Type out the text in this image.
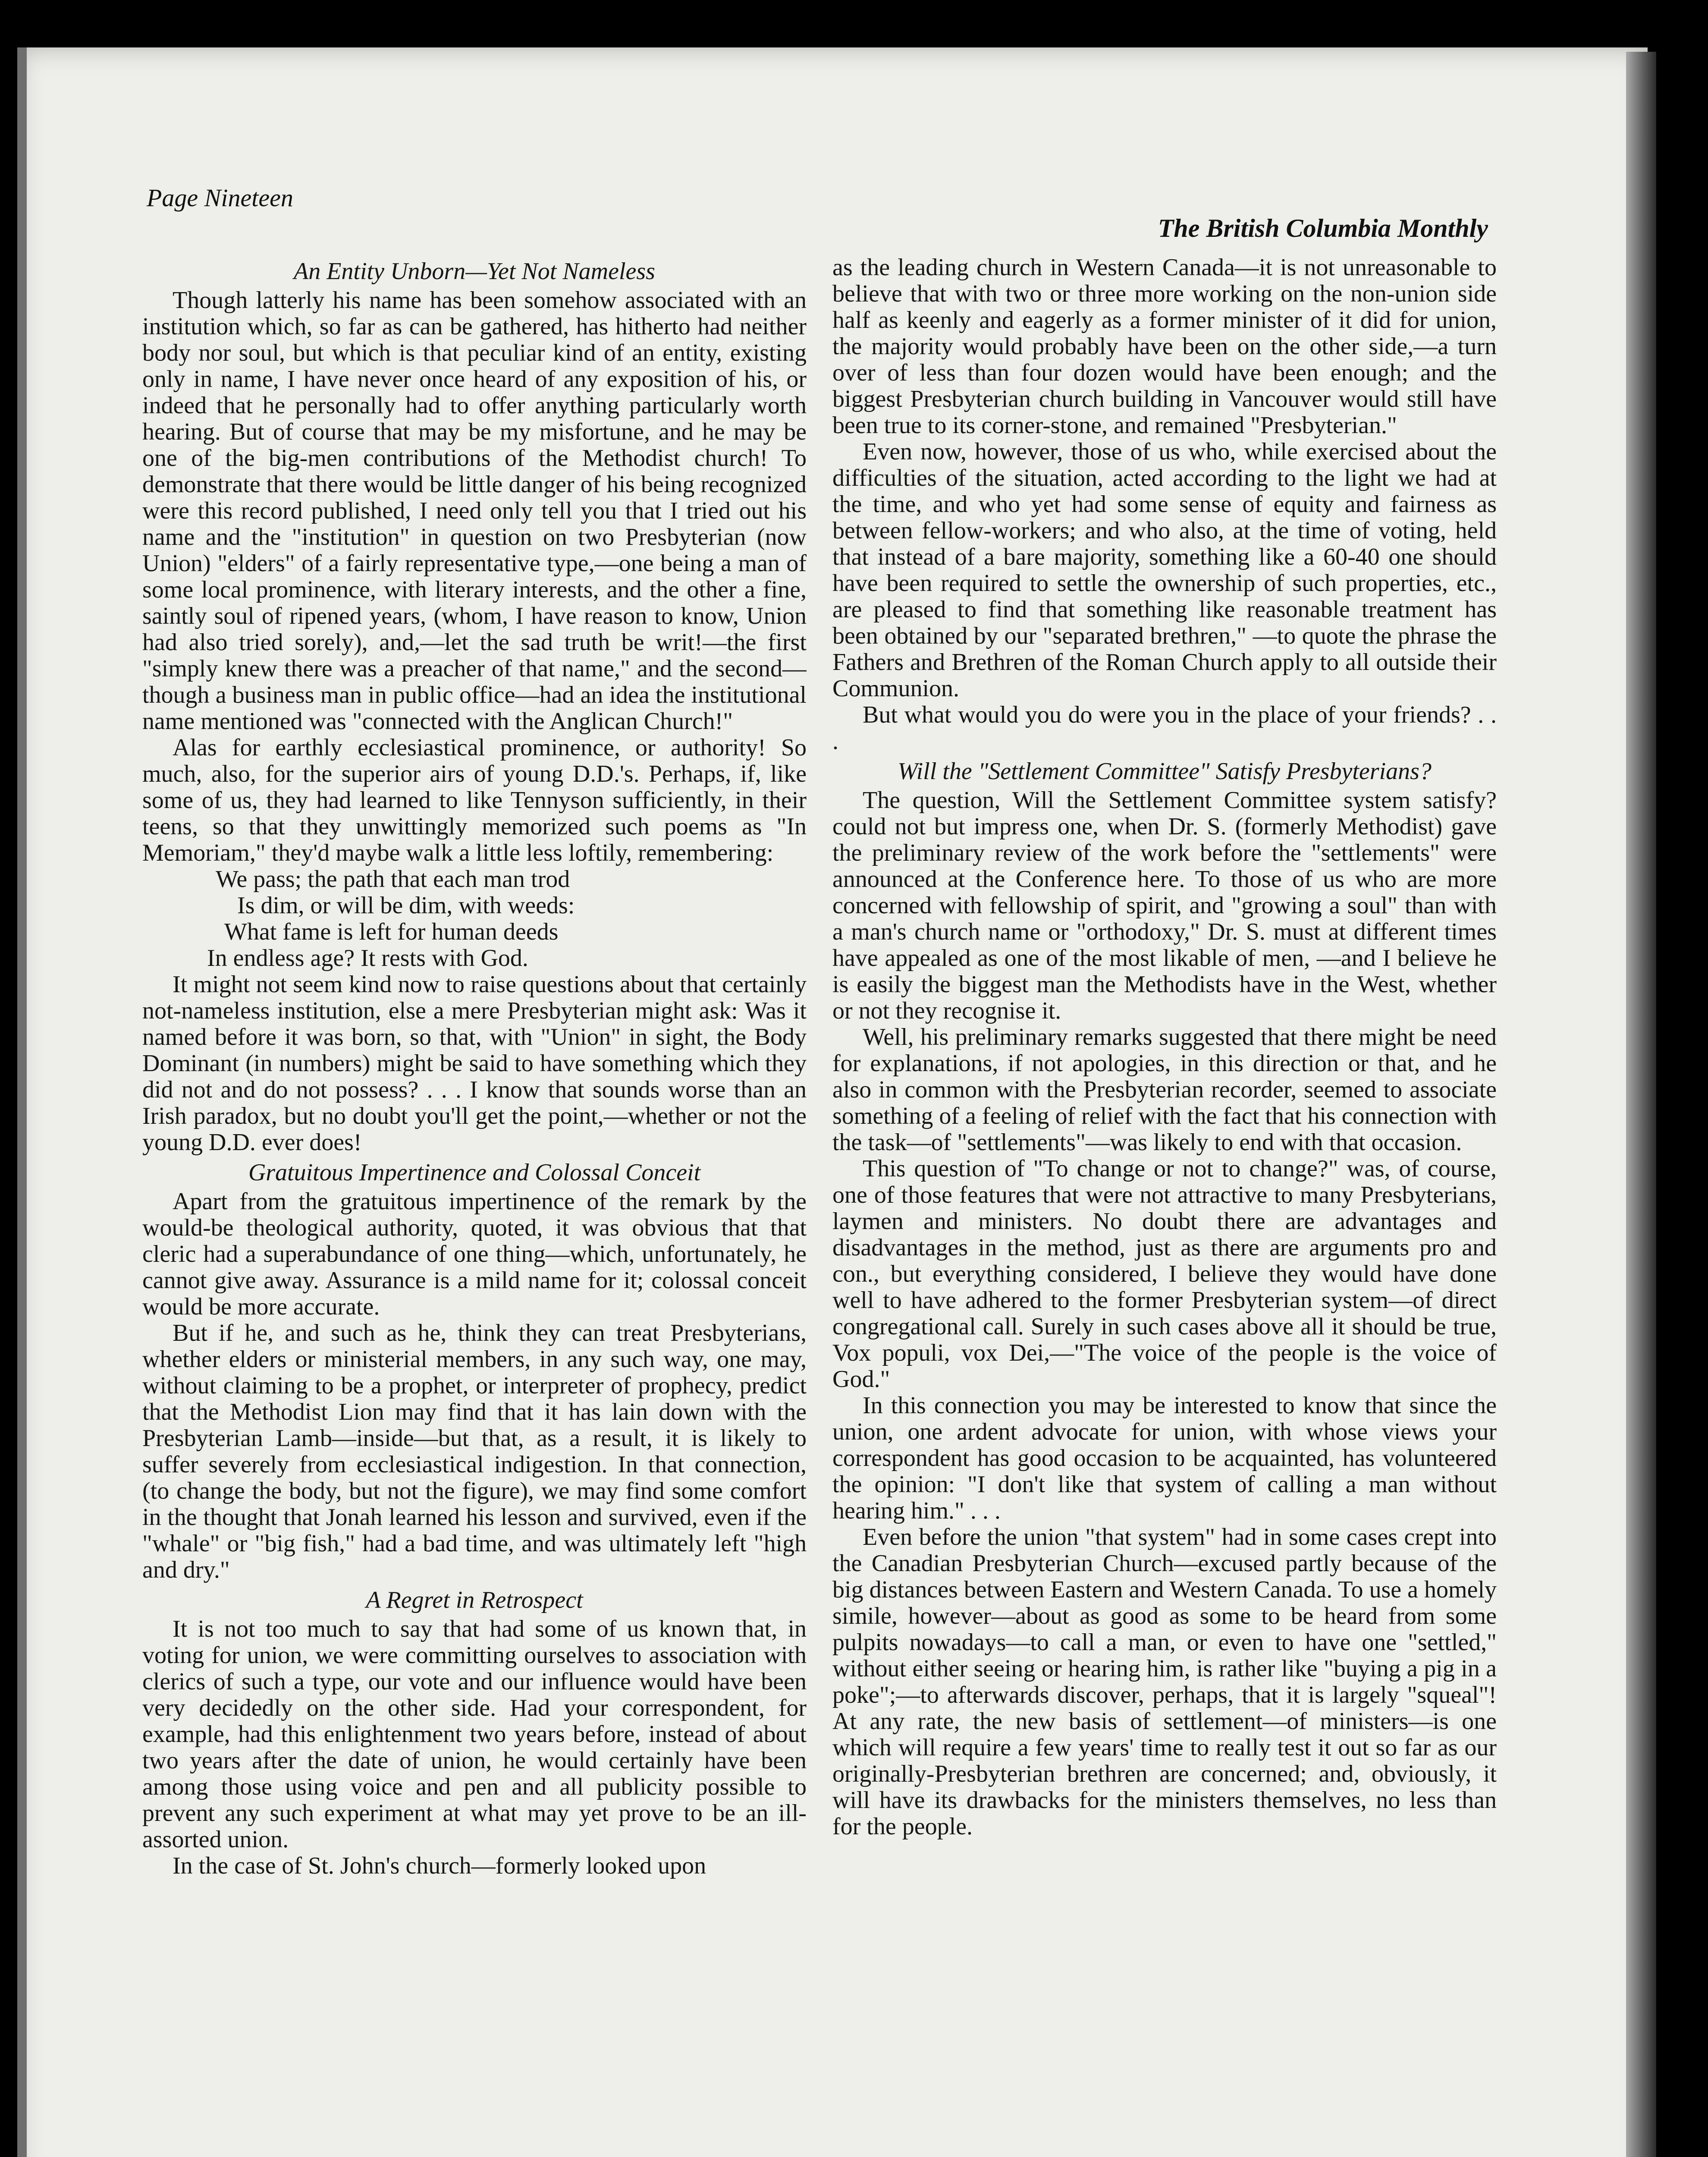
Page Nineteen
The British Columbia Monthly
An Entity Unborn—Yet Not Nameless

Though latterly his name has been somehow associated with an institution which, so far as can be gathered, has hitherto had neither body nor soul, but which is that peculiar kind of an entity, existing only in name, I have never once heard of any exposition of his, or indeed that he personally had to offer anything particularly worth hearing. But of course that may be my misfortune, and he may be one of the big-men contributions of the Methodist church! To demonstrate that there would be little danger of his being recognized were this record published, I need only tell you that I tried out his name and the "institution" in question on two Presbyterian (now Union) "elders" of a fairly representative type,—one being a man of some local prominence, with literary interests, and the other a fine, saintly soul of ripened years, (whom, I have reason to know, Union had also tried sorely), and,—let the sad truth be writ!—the first "simply knew there was a preacher of that name," and the second—though a business man in public office—had an idea the institutional name mentioned was "connected with the Anglican Church!"

Alas for earthly ecclesiastical prominence, or authority! So much, also, for the superior airs of young D.D.'s. Perhaps, if, like some of us, they had learned to like Tennyson sufficiently, in their teens, so that they unwittingly memorized such poems as "In Memoriam," they'd maybe walk a little less loftily, remembering:

We pass; the path that each man trod
Is dim, or will be dim, with weeds:
What fame is left for human deeds
In endless age? It rests with God.

It might not seem kind now to raise questions about that certainly not-nameless institution, else a mere Presbyterian might ask: Was it named before it was born, so that, with "Union" in sight, the Body Dominant (in numbers) might be said to have something which they did not and do not possess? . . . I know that sounds worse than an Irish paradox, but no doubt you'll get the point,—whether or not the young D.D. ever does!

Gratuitous Impertinence and Colossal Conceit

Apart from the gratuitous impertinence of the remark by the would-be theological authority, quoted, it was obvious that that cleric had a superabundance of one thing—which, unfortunately, he cannot give away. Assurance is a mild name for it; colossal conceit would be more accurate.

But if he, and such as he, think they can treat Presbyterians, whether elders or ministerial members, in any such way, one may, without claiming to be a prophet, or interpreter of prophecy, predict that the Methodist Lion may find that it has lain down with the Presbyterian Lamb—inside—but that, as a result, it is likely to suffer severely from ecclesiastical indigestion. In that connection, (to change the body, but not the figure), we may find some comfort in the thought that Jonah learned his lesson and survived, even if the "whale" or "big fish," had a bad time, and was ultimately left "high and dry."

A Regret in Retrospect

It is not too much to say that had some of us known that, in voting for union, we were committing ourselves to association with clerics of such a type, our vote and our influence would have been very decidedly on the other side. Had your correspondent, for example, had this enlightenment two years before, instead of about two years after the date of union, he would certainly have been among those using voice and pen and all publicity possible to prevent any such experiment at what may yet prove to be an ill-assorted union.

In the case of St. John's church—formerly looked upon

as the leading church in Western Canada—it is not unreasonable to believe that with two or three more working on the non-union side half as keenly and eagerly as a former minister of it did for union, the majority would probably have been on the other side,—a turn over of less than four dozen would have been enough; and the biggest Presbyterian church building in Vancouver would still have been true to its corner-stone, and remained "Presbyterian."

Even now, however, those of us who, while exercised about the difficulties of the situation, acted according to the light we had at the time, and who yet had some sense of equity and fairness as between fellow-workers; and who also, at the time of voting, held that instead of a bare majority, something like a 60-40 one should have been required to settle the ownership of such properties, etc., are pleased to find that something like reasonable treatment has been obtained by our "separated brethren," —to quote the phrase the Fathers and Brethren of the Roman Church apply to all outside their Communion.

But what would you do were you in the place of your friends? . . .

Will the "Settlement Committee" Satisfy Presbyterians?

The question, Will the Settlement Committee system satisfy? could not but impress one, when Dr. S. (formerly Methodist) gave the preliminary review of the work before the "settlements" were announced at the Conference here. To those of us who are more concerned with fellowship of spirit, and "growing a soul" than with a man's church name or "orthodoxy," Dr. S. must at different times have appealed as one of the most likable of men, —and I believe he is easily the biggest man the Methodists have in the West, whether or not they recognise it.

Well, his preliminary remarks suggested that there might be need for explanations, if not apologies, in this direction or that, and he also in common with the Presbyterian recorder, seemed to associate something of a feeling of relief with the fact that his connection with the task—of "settlements"—was likely to end with that occasion.

This question of "To change or not to change?" was, of course, one of those features that were not attractive to many Presbyterians, laymen and ministers. No doubt there are advantages and disadvantages in the method, just as there are arguments pro and con., but everything considered, I believe they would have done well to have adhered to the former Presbyterian system—of direct congregational call. Surely in such cases above all it should be true, Vox populi, vox Dei,—"The voice of the people is the voice of God."

In this connection you may be interested to know that since the union, one ardent advocate for union, with whose views your correspondent has good occasion to be acquainted, has volunteered the opinion: "I don't like that system of calling a man without hearing him." . . .

Even before the union "that system" had in some cases crept into the Canadian Presbyterian Church—excused partly because of the big distances between Eastern and Western Canada. To use a homely simile, however—about as good as some to be heard from some pulpits nowadays—to call a man, or even to have one "settled," without either seeing or hearing him, is rather like "buying a pig in a poke";—to afterwards discover, perhaps, that it is largely "squeal"! At any rate, the new basis of settlement—of ministers—is one which will require a few years' time to really test it out so far as our originally-Presbyterian brethren are concerned; and, obviously, it will have its drawbacks for the ministers themselves, no less than for the people.
